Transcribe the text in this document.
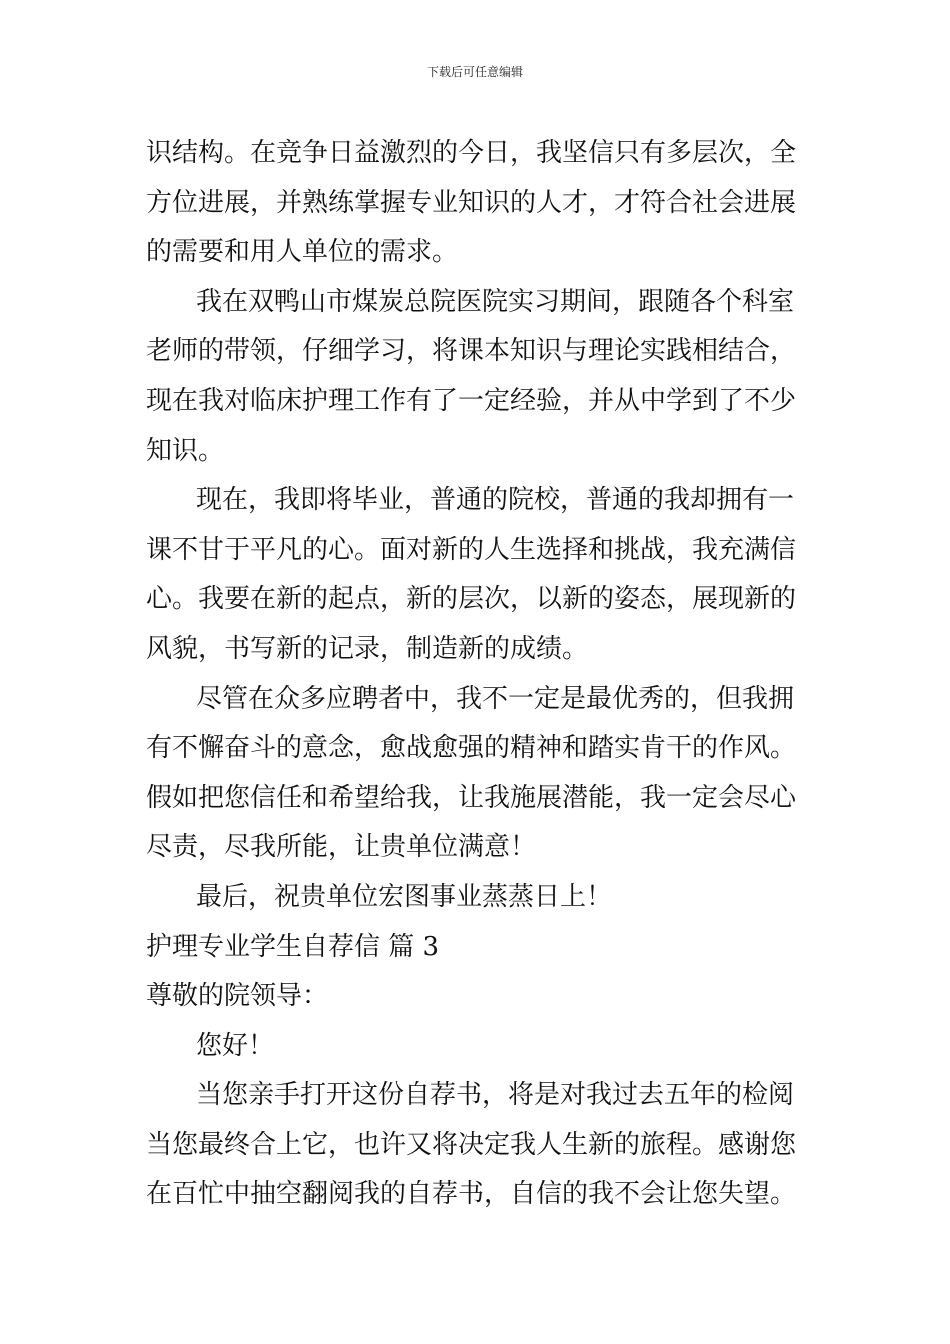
下载后可任意编辑
识结构。在竞争日益激烈的今日，我坚信只有多层次，全
方位进展，并熟练掌握专业知识的人才，才符合社会进展
的需要和用人单位的需求。
我在双鸭山市煤炭总院医院实习期间，跟随各个科室
老师的带领，仔细学习，将课本知识与理论实践相结合，
现在我对临床护理工作有了一定经验，并从中学到了不少
知识。
现在，我即将毕业，普通的院校，普通的我却拥有一
课不甘于平凡的心。面对新的人生选择和挑战，我充满信
心。我要在新的起点，新的层次，以新的姿态，展现新的
风貌，书写新的记录，制造新的成绩。
尽管在众多应聘者中，我不一定是最优秀的，但我拥
有不懈奋斗的意念，愈战愈强的精神和踏实肯干的作风。
假如把您信任和希望给我，让我施展潜能，我一定会尽心
尽责，尽我所能，让贵单位满意！
最后，祝贵单位宏图事业蒸蒸日上！
护理专业学生自荐信 篇 3
尊敬的院领导：
您好！
当您亲手打开这份自荐书，将是对我过去五年的检阅
当您最终合上它，也许又将决定我人生新的旅程。感谢您
在百忙中抽空翻阅我的自荐书，自信的我不会让您失望。
